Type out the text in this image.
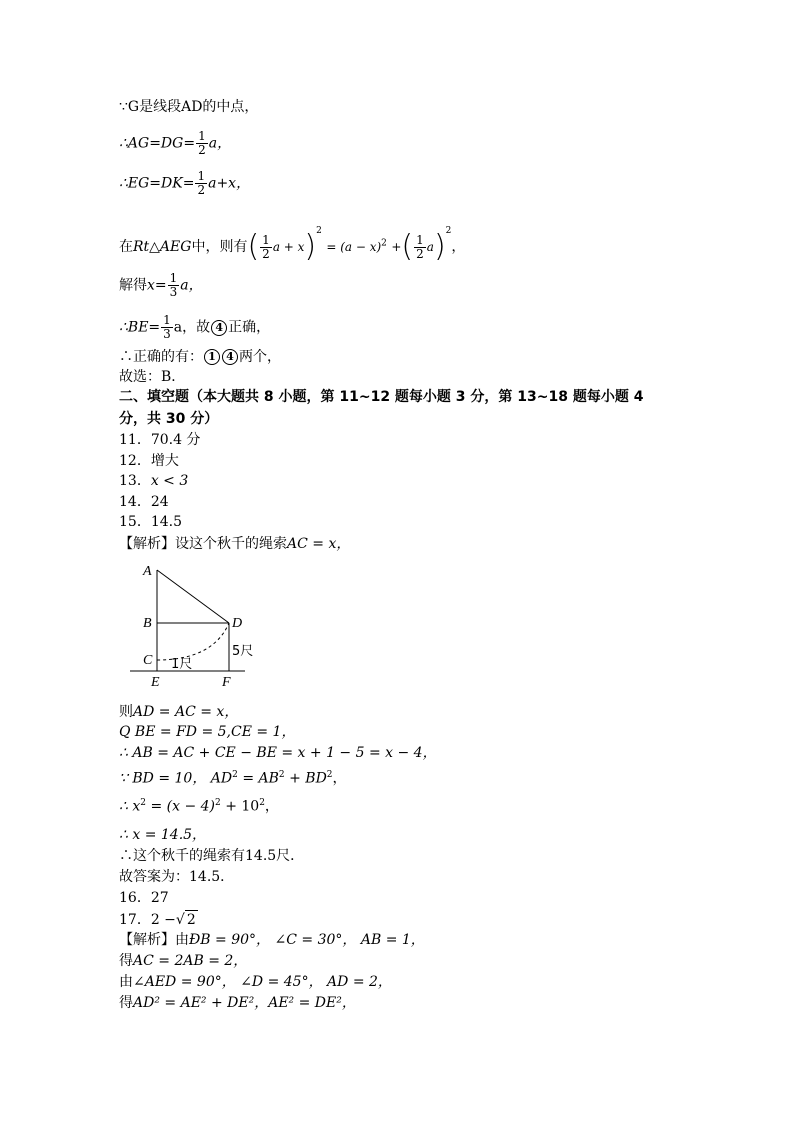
∵G是线段AD的中点，
∴AG=DG= $\frac{1}{2}$ a，
∴EG=DK= $\frac{1}{2} a+x$，
在Rt△AEG中，则有( $\frac{1}{2}$ $a + x)^2 = (a - x)^2$ +( $\frac{1}{2} a)^2$，
解得$x= \frac{1}{3}$ a，
∴BE= $\frac{1}{3}$ a，故 4 正确，
∴正确的有： 1 4 两个，
故选：B．
二、填空题（本大题共 8 小题，第 11~12 题每小题 3 分，第 13~18 题每小题 4
分，共 30 分）
11．70.4 分
12．增大
13．x < 3
14．24
15．14.5
【解析】设这个秋千的绳索AC = x，
A
B
C
D
E	F
1尺
5尺
则AD = AC = x，
Q BE = FD = 5,CE = 1，
∴ AB = AC + CE − BE = x + 1 − 5 = x − 4，
∵ BD = 10， $AD^2 = AB^2 + BD^2$，
∴ $x^2 = (x - 4)^2 + 10^2$，
∴ x = 14.5，
∴这个秋千的绳索有14.5尺．
故答案为：14.5．
16．27
17．2 −√ 2
【解析】由ÐB = 90°， ∠C = 30°， AB = 1，
得AC = 2AB = 2，
由∠AED = 90°， ∠D = 45°， AD = 2，
得AD² = AE² + DE²，AE² = DE²，
